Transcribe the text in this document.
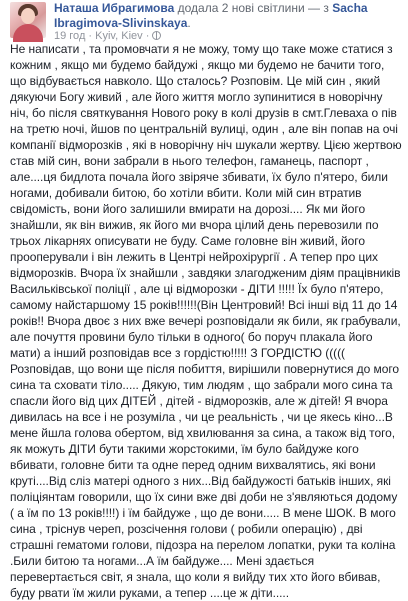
Наташа Ибрагимова додала 2 нові світлини — з Sacha Ibragimova-Slivinskaya.
19 год · Kyiv, Kiev ·

Не написати , та промовчати я не можу, тому що таке може статися з кожним , якщо ми будемо байдужі , якщо ми будемо не бачити того, що відбувається навколо. Що сталось? Розповім. Це мій син , який дякуючи Богу живий , але його життя могло зупинитися в новорічну ніч, бо після святкування Нового року в колі друзів в смт.Глеваха о пів на третю ночі, йшов по центральній вулиці, один , але він попав на очі компанії відморозків , які в новорічну ніч шукали жертву. Цією жертвою став мій син, вони забрали в нього телефон, гаманець, паспорт , але....ця бидлота почала його звіряче збивати, їх було п'ятеро, били ногами, добивали битою, бо хотіли вбити. Коли мій син втратив свідомість, вони його залишили вмирати на дорозі.... Як ми його знайшли, як він вижив, як його ми вчора цілий день перевозили по трьох лікарнях описувати не буду. Саме головне він живий, його прооперували і він лежить в Центрі нейрохірургії . А тепер про цих відморозків. Вчора їх знайшли , завдяки злагодженим діям працівників Васильківської поліції , але ці відморозки - ДІТИ !!!!! Їх було п'ятеро, самому найстаршому 15 років!!!!!!(Він Центровий! Всі інші від 11 до 14 років!! Вчора двоє з них вже вечері розповідали як били, як грабували, але почуття провини було тільки в одного( бо поруч плакала його мати) а інший розповідав все з гордістю!!!!! З ГОРДІСТЮ ((((( Розповідав, що вони ще після побиття, вирішили повернутися до мого сина та сховати тіло..... Дякую, тим людям , що забрали мого сина та спасли його від цих ДІТЕЙ , дітей - відморозків, але ж дітей! Я вчора дивилась на все і не розуміла , чи це реальність , чи це якесь кіно...В мене йшла голова обертом, від хвилювання за сина, а також від того, як можуть ДІТИ бути такими жорстокими, їм було байдуже кого вбивати, головне бити та одне перед одним вихвалятись, які вони круті....Від сліз матері одного з них...Від байдужості батьків інших, які поліціянтам говорили, що їх сини вже дві доби не з'являються додому ( а їм по 13 років!!!!) і їм байдуже , що де вони..... В мене ШОК. В мого сина , тріснув череп, розсічення голови ( робили операцію) , дві страшні гематоми голови, підозра на перелом лопатки, руки та коліна .Били битою та ногами...А їм байдуже.... Мені здається перевертається світ, я знала, що коли я вийду тих хто його вбивав, буду рвати їм жили руками, а тепер ....це ж діти.....
